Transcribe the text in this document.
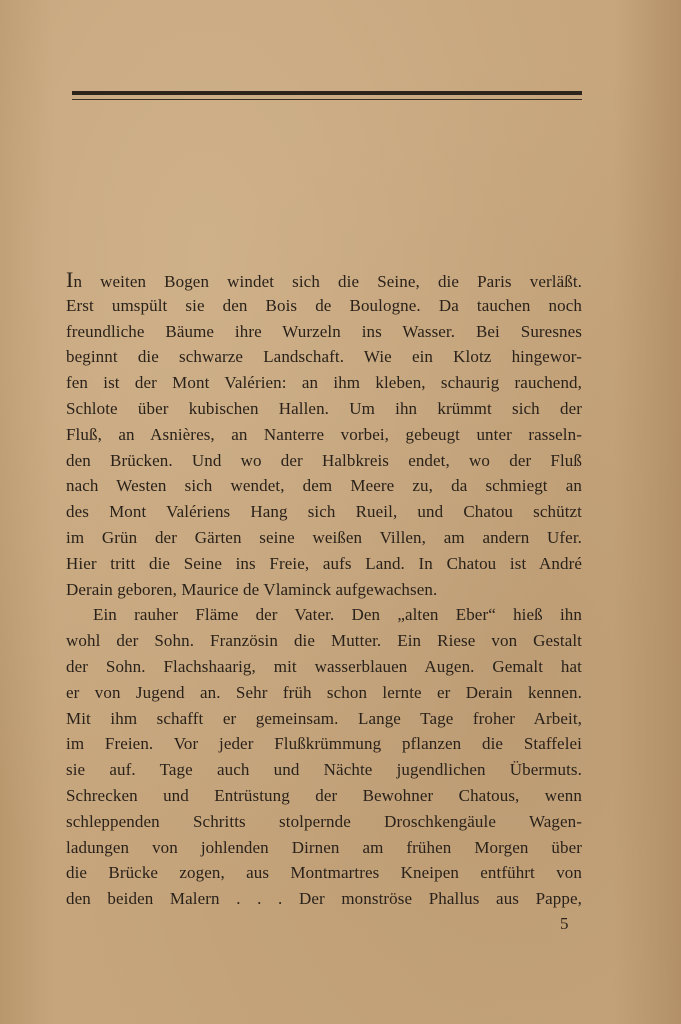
In weiten Bogen windet sich die Seine, die Paris verläßt.
Erst umspült sie den Bois de Boulogne. Da tauchen noch
freundliche Bäume ihre Wurzeln ins Wasser. Bei Suresnes
beginnt die schwarze Landschaft. Wie ein Klotz hingewor-
fen ist der Mont Valérien: an ihm kleben, schaurig rauchend,
Schlote über kubischen Hallen. Um ihn krümmt sich der
Fluß, an Asnières, an Nanterre vorbei, gebeugt unter rasseln-
den Brücken. Und wo der Halbkreis endet, wo der Fluß
nach Westen sich wendet, dem Meere zu, da schmiegt an
des Mont Valériens Hang sich Rueil, und Chatou schützt
im Grün der Gärten seine weißen Villen, am andern Ufer.
Hier tritt die Seine ins Freie, aufs Land. In Chatou ist André
Derain geboren, Maurice de Vlaminck aufgewachsen.
Ein rauher Fläme der Vater. Den „alten Eber“ hieß ihn
wohl der Sohn. Französin die Mutter. Ein Riese von Gestalt
der Sohn. Flachshaarig, mit wasserblauen Augen. Gemalt hat
er von Jugend an. Sehr früh schon lernte er Derain kennen.
Mit ihm schafft er gemeinsam. Lange Tage froher Arbeit,
im Freien. Vor jeder Flußkrümmung pflanzen die Staffelei
sie auf. Tage auch und Nächte jugendlichen Übermuts.
Schrecken und Entrüstung der Bewohner Chatous, wenn
schleppenden Schritts stolpernde Droschkengäule Wagen-
ladungen von johlenden Dirnen am frühen Morgen über
die Brücke zogen, aus Montmartres Kneipen entführt von
den beiden Malern . . . Der monströse Phallus aus Pappe,
5
